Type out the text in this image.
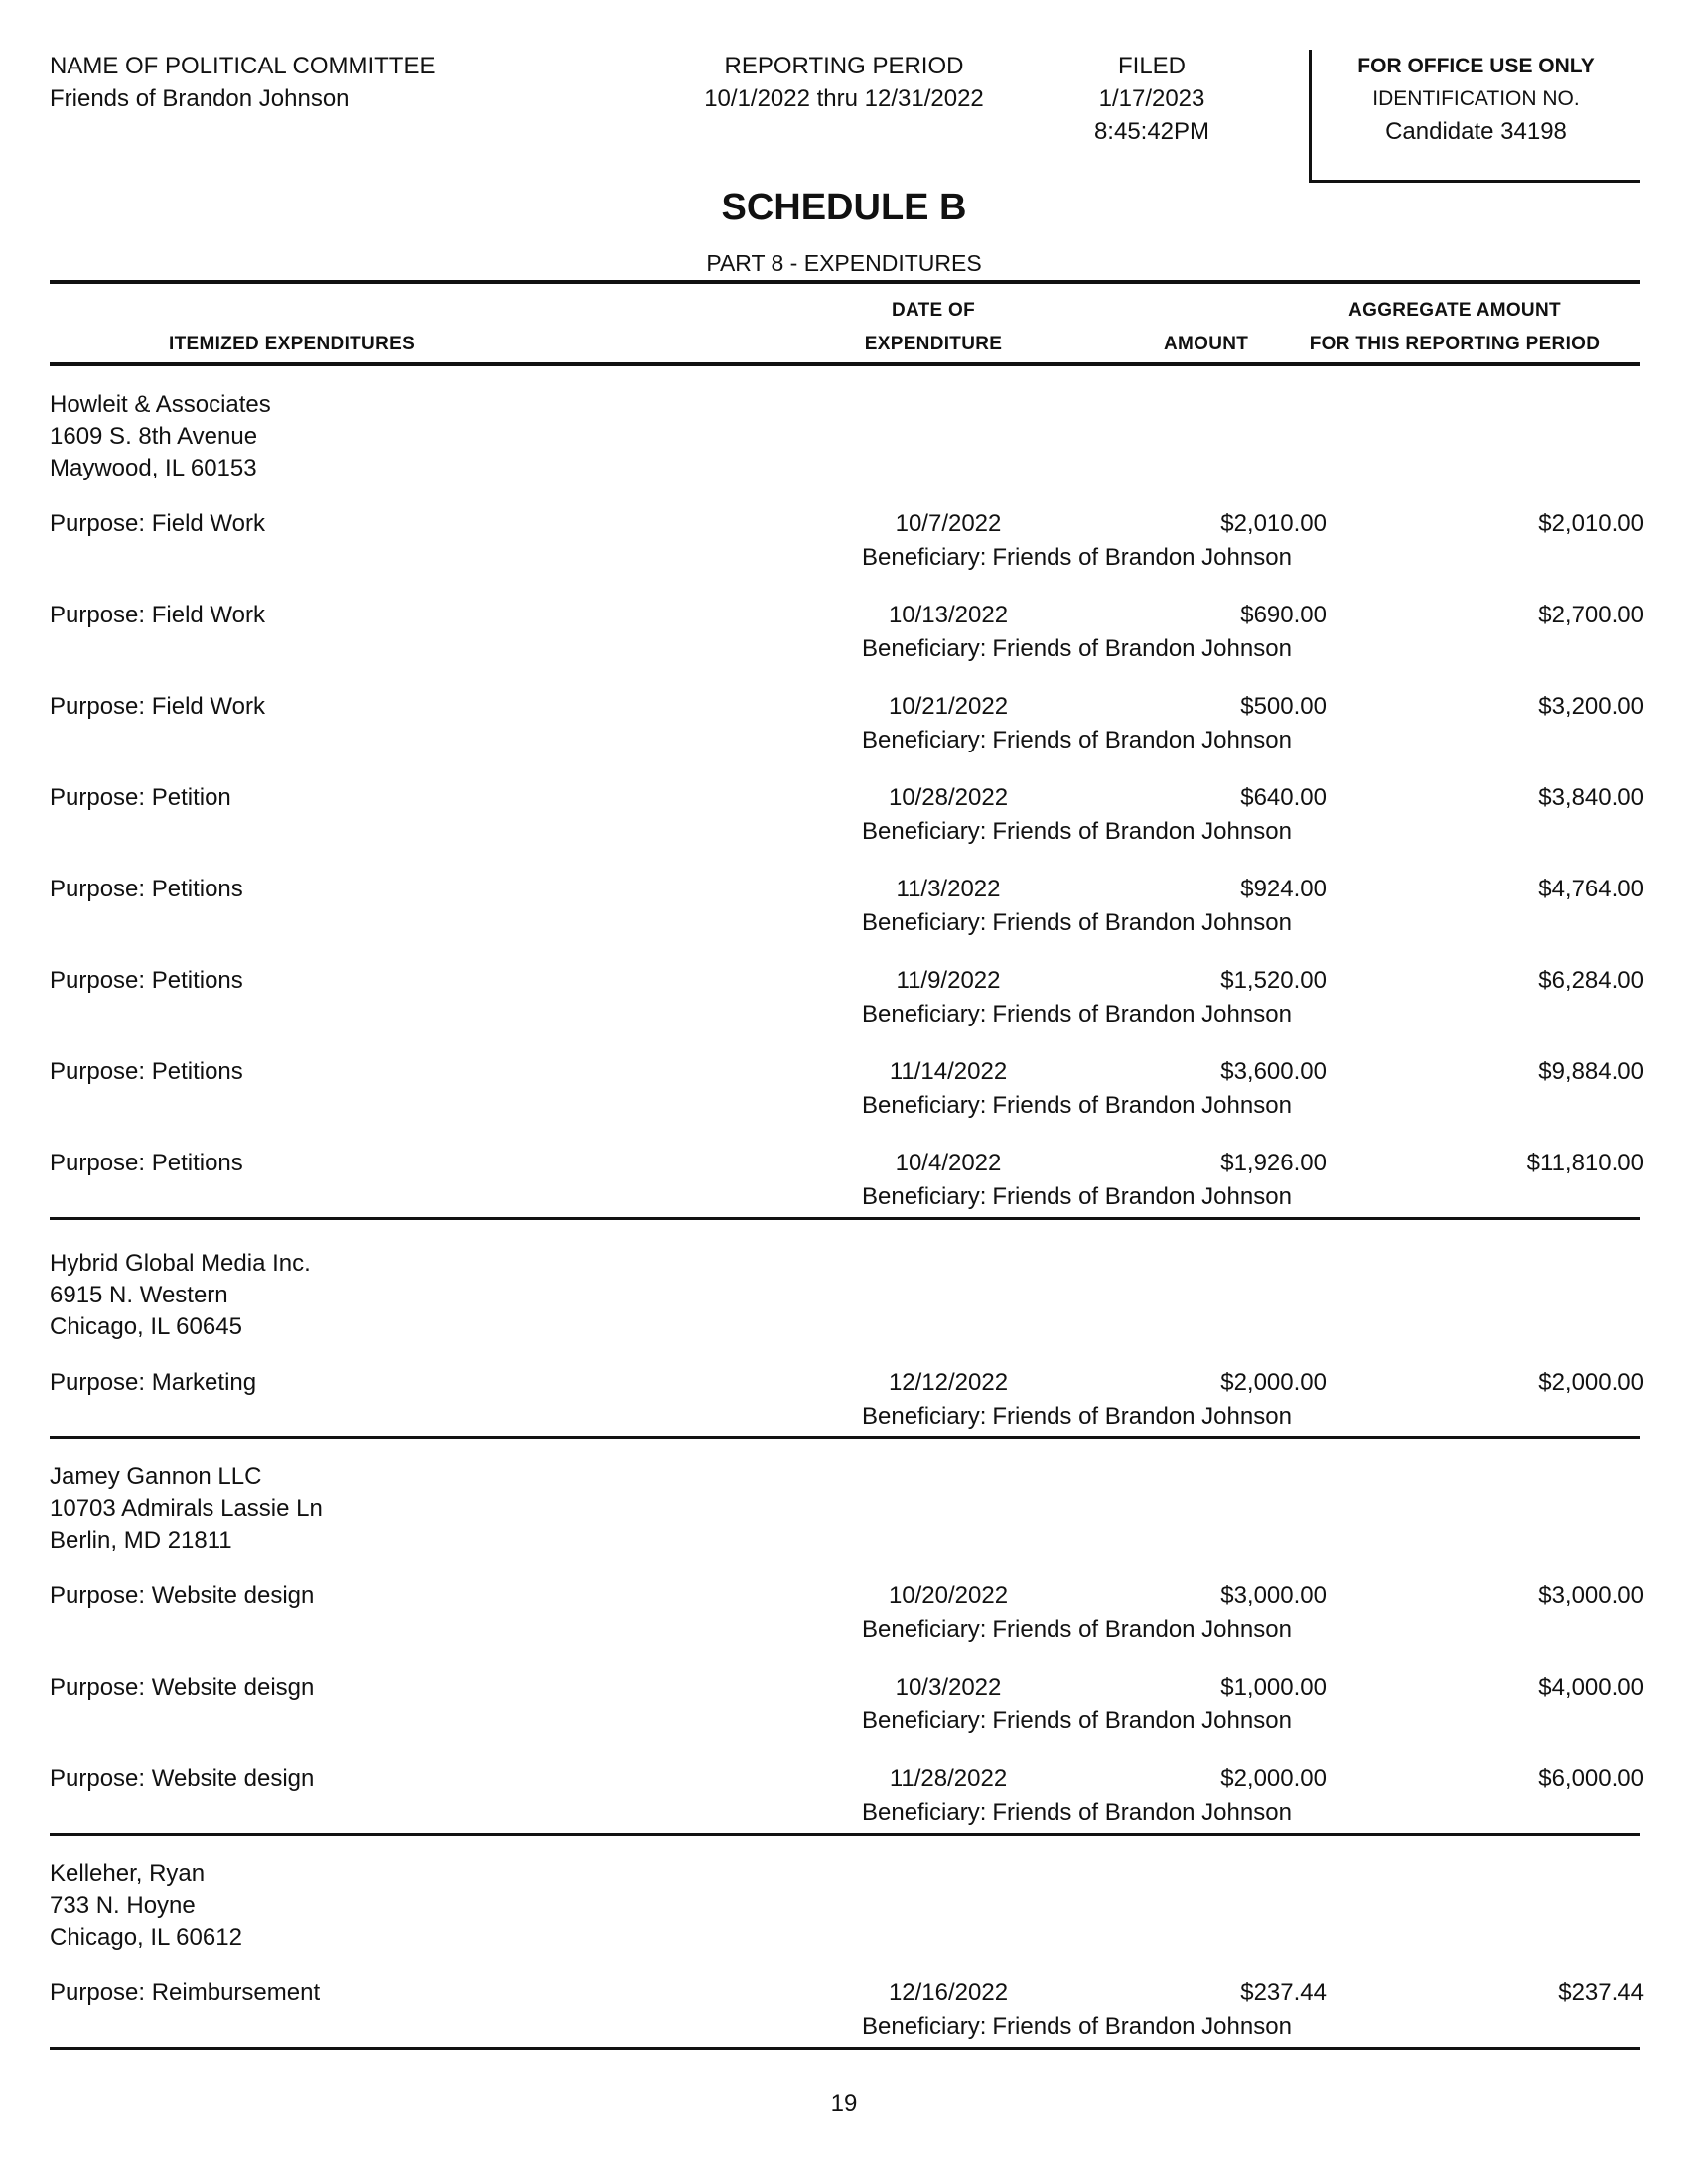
NAME OF POLITICAL COMMITTEE
Friends of Brandon Johnson
REPORTING PERIOD
10/1/2022 thru 12/31/2022
FILED
1/17/2023
8:45:42PM
FOR OFFICE USE ONLY
IDENTIFICATION NO.
Candidate 34198
SCHEDULE B
PART 8 - EXPENDITURES
ITEMIZED EXPENDITURES
DATE OF
EXPENDITURE	AMOUNT
AGGREGATE AMOUNT
FOR THIS REPORTING PERIOD
Howleit & Associates
1609 S. 8th Avenue
Maywood, IL 60153
Purpose: Field Work	10/7/2022	$2,010.00	$2,010.00
Beneficiary: Friends of Brandon Johnson
Purpose: Field Work	10/13/2022	$690.00	$2,700.00
Beneficiary: Friends of Brandon Johnson
Purpose: Field Work	10/21/2022	$500.00	$3,200.00
Beneficiary: Friends of Brandon Johnson
Purpose: Petition	10/28/2022	$640.00	$3,840.00
Beneficiary: Friends of Brandon Johnson
Purpose: Petitions	11/3/2022	$924.00	$4,764.00
Beneficiary: Friends of Brandon Johnson
Purpose: Petitions	11/9/2022	$1,520.00	$6,284.00
Beneficiary: Friends of Brandon Johnson
Purpose: Petitions	11/14/2022	$3,600.00	$9,884.00
Beneficiary: Friends of Brandon Johnson
Purpose: Petitions	10/4/2022	$1,926.00	$11,810.00
Beneficiary: Friends of Brandon Johnson
Hybrid Global Media Inc.
6915 N. Western
Chicago, IL 60645
Purpose: Marketing	12/12/2022	$2,000.00	$2,000.00
Beneficiary: Friends of Brandon Johnson
Jamey Gannon LLC
10703 Admirals Lassie Ln
Berlin, MD 21811
Purpose: Website design	10/20/2022	$3,000.00	$3,000.00
Beneficiary: Friends of Brandon Johnson
Purpose: Website deisgn	10/3/2022	$1,000.00	$4,000.00
Beneficiary: Friends of Brandon Johnson
Purpose: Website design	11/28/2022	$2,000.00	$6,000.00
Beneficiary: Friends of Brandon Johnson
Kelleher, Ryan
733 N. Hoyne
Chicago, IL 60612
Purpose: Reimbursement	12/16/2022	$237.44	$237.44
Beneficiary: Friends of Brandon Johnson
19
